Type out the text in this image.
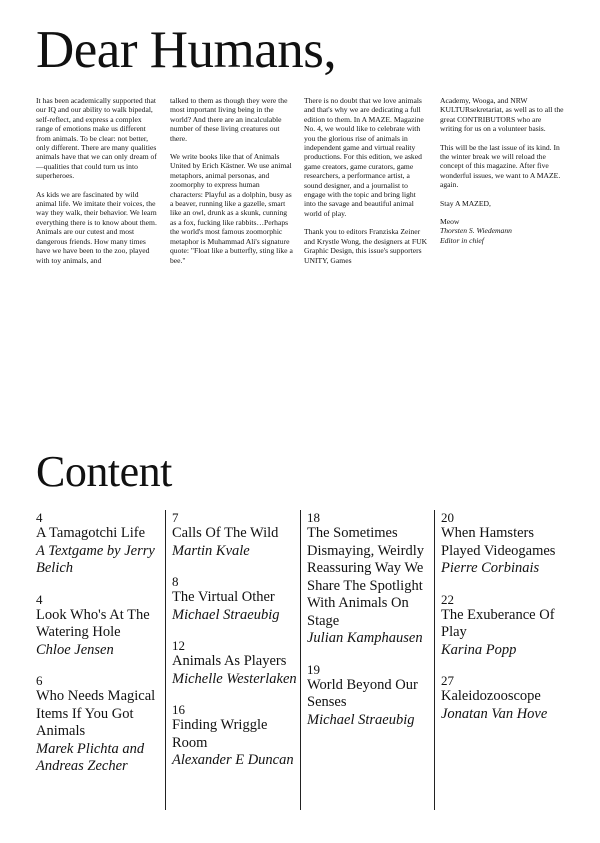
Dear Humans,

It has been academically supported that our IQ and our ability to walk bipedal, self-reflect, and express a complex range of emotions make us different from animals. To be clear: not better, only different. There are many qualities animals have that we can only dream of—qualities that could turn us into superheroes.

As kids we are fascinated by wild animal life. We imitate their voices, the way they walk, their behavior. We learn everything there is to know about them. Animals are our cutest and most dangerous friends. How many times have we have been to the zoo, played with toy animals, and

talked to them as though they were the most important living being in the world? And there are an incalculable number of these living creatures out there.

We write books like that of Animals United by Erich Kästner. We use animal metaphors, animal personas, and zoomorphy to express human characters: Playful as a dolphin, busy as a beaver, running like a gazelle, smart like an owl, drunk as a skunk, cunning as a fox, fucking like rabbits…Perhaps the world's most famous zoomorphic metaphor is Muhammad Ali's signature quote: "Float like a butterfly, sting like a bee."

There is no doubt that we love animals and that's why we are dedicating a full edition to them. In A MAZE. Magazine No. 4, we would like to celebrate with you the glorious rise of animals in independent game and virtual reality productions. For this edition, we asked game creators, game curators, game researchers, a performance artist, a sound designer, and a journalist to engage with the topic and bring light into the savage and beautiful animal world of play.

Thank you to editors Franziska Zeiner and Krystle Wong, the designers at FUK Graphic Design, this issue's supporters UNITY, Games

Academy, Wooga, and NRW KULTURsekretariat, as well as to all the great CONTRIBUTORS who are writing for us on a volunteer basis.

This will be the last issue of its kind. In the winter break we will reload the concept of this magazine. After five wonderful issues, we want to A MAZE. again.

Stay A MAZED,

Meow

Thorsten S. Wiedemann

Editor in chief

Content
4
A Tamagotchi Life
A Textgame by Jerry Belich
4
Look Who's At The Watering Hole
Chloe Jensen
6
Who Needs Magical Items If You Got Animals
Marek Plichta and Andreas Zecher
7
Calls Of The Wild
Martin Kvale
8
The Virtual Other
Michael Straeubig
12
Animals As Players
Michelle Westerlaken
16
Finding Wriggle Room
Alexander E Duncan
18
The Sometimes Dismaying, Weirdly Reassuring Way We Share The Spotlight With Animals On Stage
Julian Kamphausen
19
World Beyond Our Senses
Michael Straeubig
20
When Hamsters Played Videogames
Pierre Corbinais
22
The Exuberance Of Play
Karina Popp
27
Kaleidozooscope
Jonatan Van Hove
